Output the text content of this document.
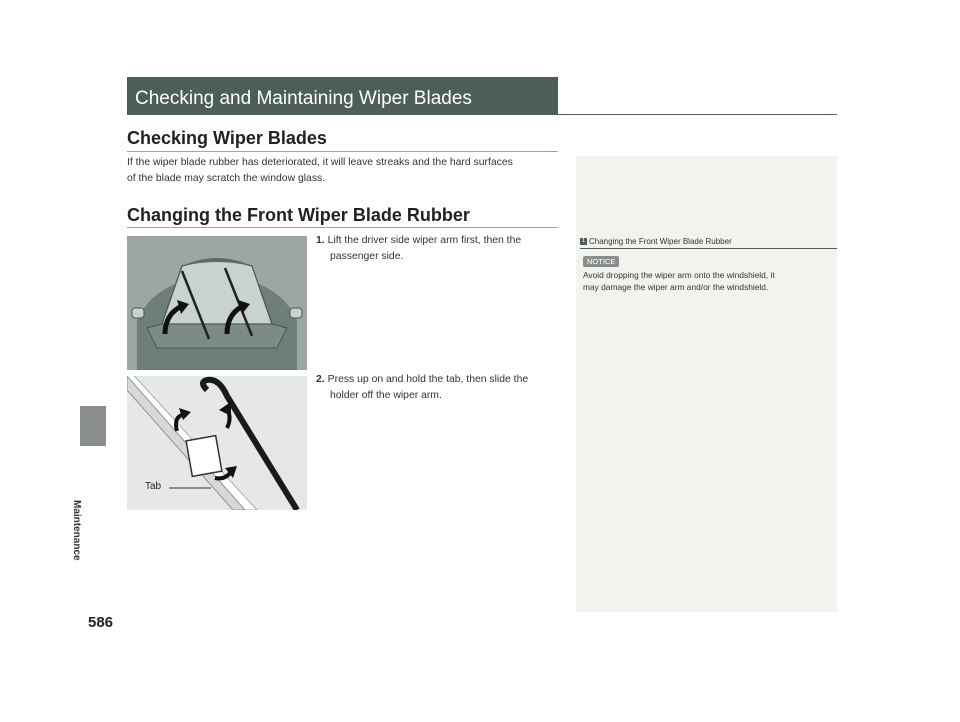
Checking and Maintaining Wiper Blades
Checking Wiper Blades
If the wiper blade rubber has deteriorated, it will leave streaks and the hard surfaces
of the blade may scratch the window glass.
Changing the Front Wiper Blade Rubber
Tab
1. Lift the driver side wiper arm first, then the
passenger side.
2. Press up on and hold the tab, then slide the
holder off the wiper arm.
1 Changing the Front Wiper Blade Rubber
NOTICE
Avoid dropping the wiper arm onto the windshield, it
may damage the wiper arm and/or the windshield.
Maintenance
586
